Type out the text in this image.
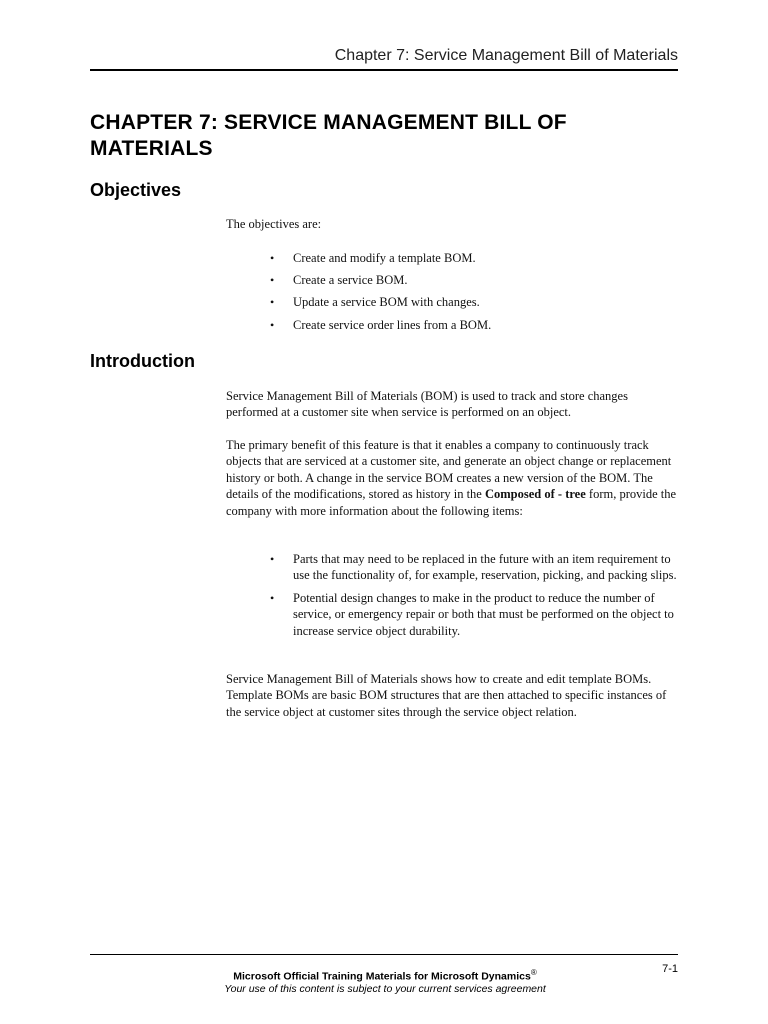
Chapter 7: Service Management Bill of Materials
CHAPTER 7: SERVICE MANAGEMENT BILL OF MATERIALS
Objectives

The objectives are:

• Create and modify a template BOM.
• Create a service BOM.
• Update a service BOM with changes.
• Create service order lines from a BOM.
Introduction

Service Management Bill of Materials (BOM) is used to track and store changes performed at a customer site when service is performed on an object.

The primary benefit of this feature is that it enables a company to continuously track objects that are serviced at a customer site, and generate an object change or replacement history or both. A change in the service BOM creates a new version of the BOM. The details of the modifications, stored as history in the Composed of - tree form, provide the company with more information about the following items:

• Parts that may need to be replaced in the future with an item requirement to use the functionality of, for example, reservation, picking, and packing slips.
• Potential design changes to make in the product to reduce the number of service, or emergency repair or both that must be performed on the object to increase service object durability.

Service Management Bill of Materials shows how to create and edit template BOMs. Template BOMs are basic BOM structures that are then attached to specific instances of the service object at customer sites through the service object relation.

Microsoft Official Training Materials for Microsoft Dynamics®
Your use of this content is subject to your current services agreement
7-1
